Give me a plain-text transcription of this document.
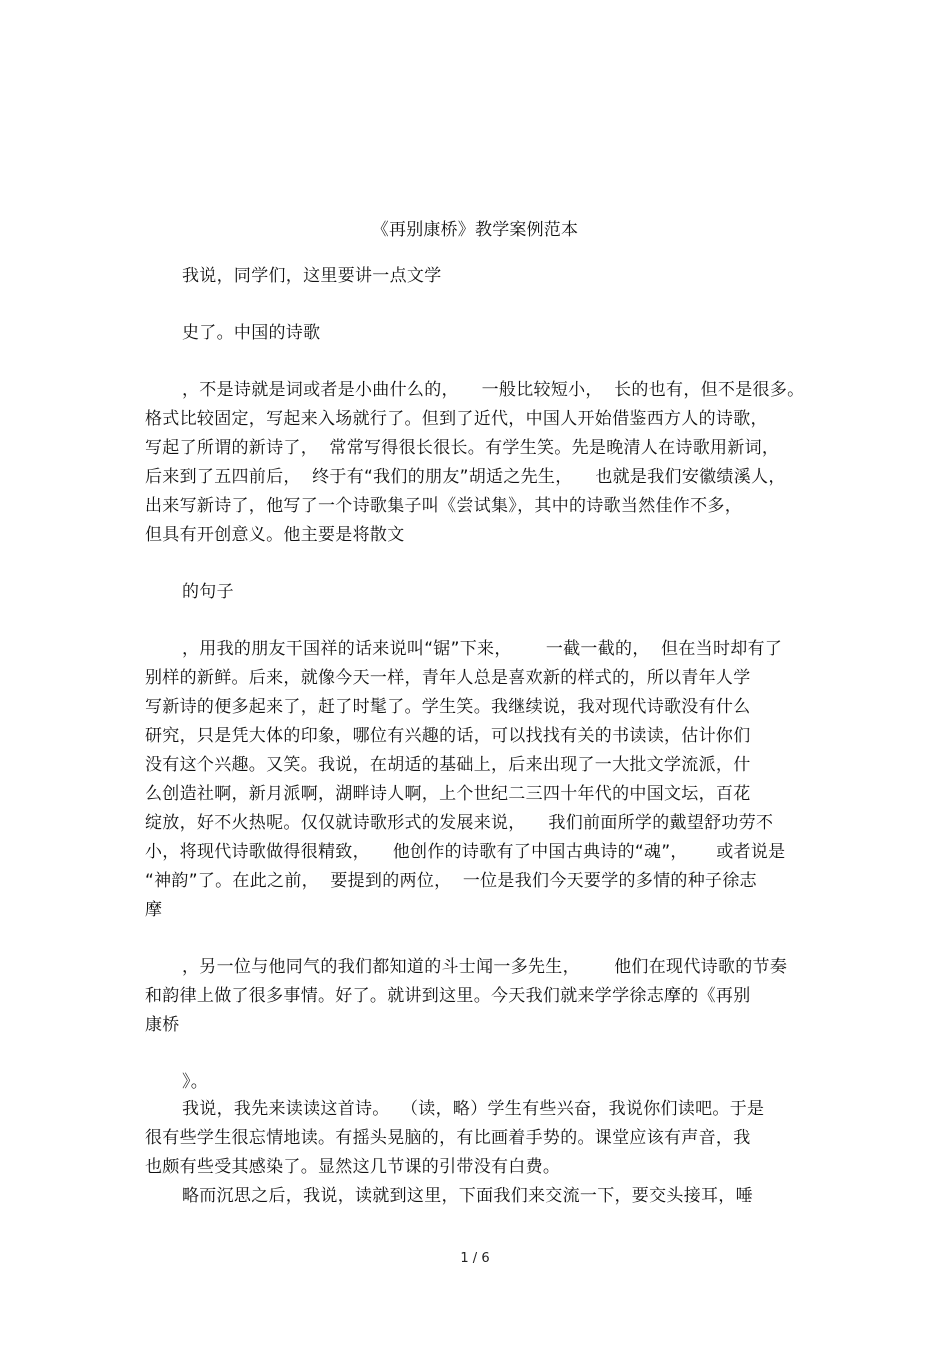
《再别康桥》教学案例范本
我说，同学们，这里要讲一点文学
史了。中国的诗歌
，不是诗就是词或者是小曲什么的，    一般比较短小，  长的也有，但不是很多。
格式比较固定，写起来入场就行了。但到了近代，中国人开始借鉴西方人的诗歌，
写起了所谓的新诗了，  常常写得很长很长。有学生笑。先是晚清人在诗歌用新词，
后来到了五四前后，  终于有“我们的朋友”胡适之先生，    也就是我们安徽绩溪人，
出来写新诗了，他写了一个诗歌集子叫《尝试集》，其中的诗歌当然佳作不多，
但具有开创意义。他主要是将散文
的句子
，用我的朋友干国祥的话来说叫“锯”下来，      一截一截的，  但在当时却有了
别样的新鲜。后来，就像今天一样，青年人总是喜欢新的样式的，所以青年人学
写新诗的便多起来了，赶了时髦了。学生笑。我继续说，我对现代诗歌没有什么
研究，只是凭大体的印象，哪位有兴趣的话，可以找找有关的书读读，估计你们
没有这个兴趣。又笑。我说，在胡适的基础上，后来出现了一大批文学流派，什
么创造社啊，新月派啊，湖畔诗人啊，上个世纪二三四十年代的中国文坛，百花
绽放，好不火热呢。仅仅就诗歌形式的发展来说，    我们前面所学的戴望舒功劳不
小，将现代诗歌做得很精致，    他创作的诗歌有了中国古典诗的“魂”，     或者说是
“神韵”了。在此之前，  要提到的两位，  一位是我们今天要学的多情的种子徐志
摩
，另一位与他同气的我们都知道的斗士闻一多先生，      他们在现代诗歌的节奏
和韵律上做了很多事情。好了。就讲到这里。今天我们就来学学徐志摩的《再别
康桥
》。
我说，我先来读读这首诗。  （读，略）学生有些兴奋，我说你们读吧。于是
很有些学生很忘情地读。有摇头晃脑的，有比画着手势的。课堂应该有声音，我
也颇有些受其感染了。显然这几节课的引带没有白费。
略而沉思之后，我说，读就到这里，下面我们来交流一下，要交头接耳，唾
1 / 6
